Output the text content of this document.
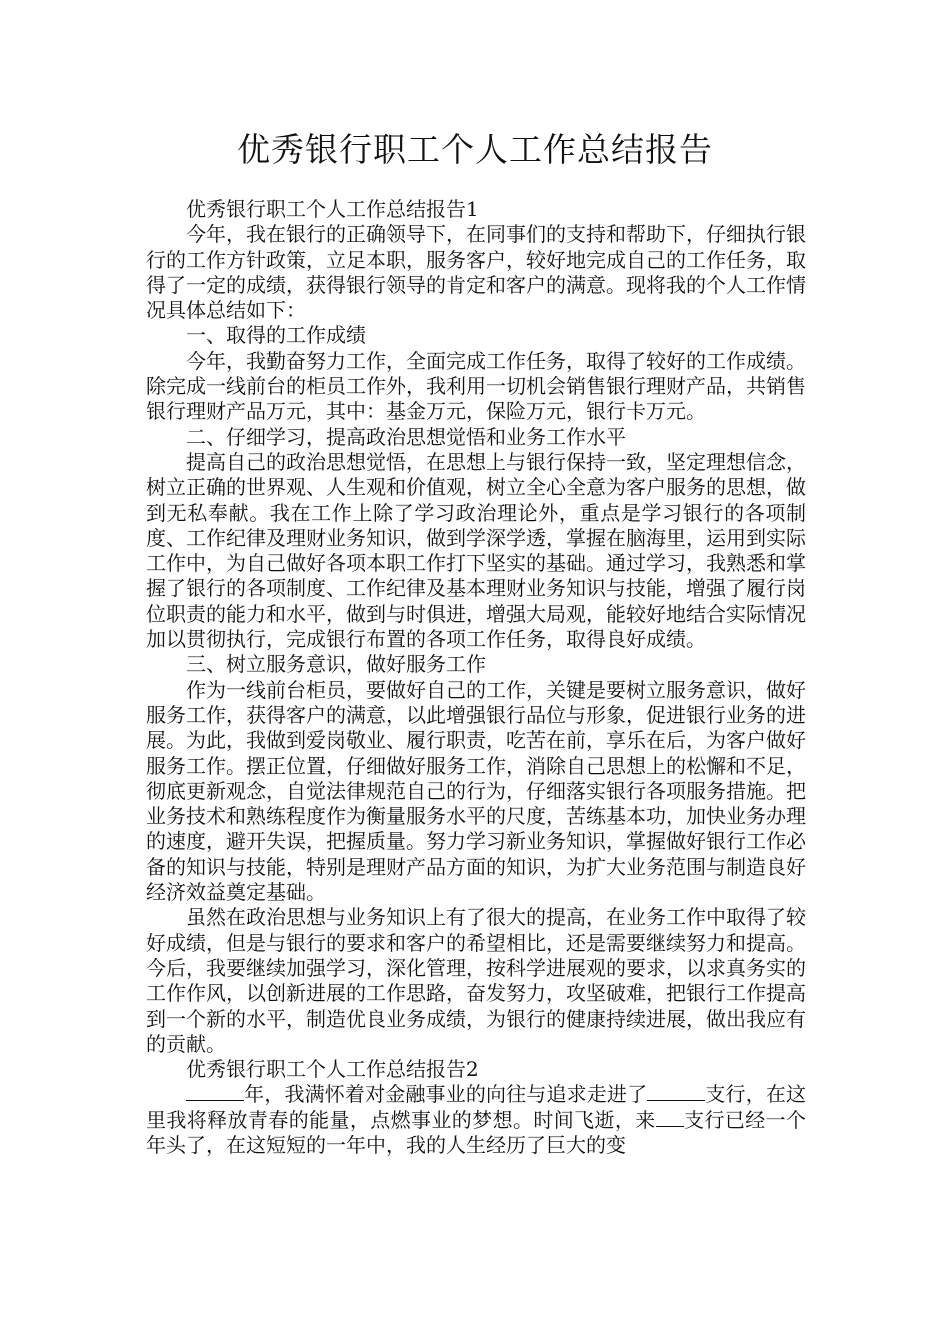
优秀银行职工个人工作总结报告

优秀银行职工个人工作总结报告1

今年，我在银行的正确领导下，在同事们的支持和帮助下，仔细执行银行的工作方针政策，立足本职，服务客户，较好地完成自己的工作任务，取得了一定的成绩，获得银行领导的肯定和客户的满意。现将我的个人工作情况具体总结如下：

一、取得的工作成绩

今年，我勤奋努力工作，全面完成工作任务，取得了较好的工作成绩。除完成一线前台的柜员工作外，我利用一切机会销售银行理财产品，共销售银行理财产品万元，其中：基金万元，保险万元，银行卡万元。

二、仔细学习，提高政治思想觉悟和业务工作水平

提高自己的政治思想觉悟，在思想上与银行保持一致，坚定理想信念，树立正确的世界观、人生观和价值观，树立全心全意为客户服务的思想，做到无私奉献。我在工作上除了学习政治理论外，重点是学习银行的各项制度、工作纪律及理财业务知识，做到学深学透，掌握在脑海里，运用到实际工作中，为自己做好各项本职工作打下坚实的基础。通过学习，我熟悉和掌握了银行的各项制度、工作纪律及基本理财业务知识与技能，增强了履行岗位职责的能力和水平，做到与时俱进，增强大局观，能较好地结合实际情况加以贯彻执行，完成银行布置的各项工作任务，取得良好成绩。

三、树立服务意识，做好服务工作

作为一线前台柜员，要做好自己的工作，关键是要树立服务意识，做好服务工作，获得客户的满意，以此增强银行品位与形象，促进银行业务的进展。为此，我做到爱岗敬业、履行职责，吃苦在前，享乐在后，为客户做好服务工作。摆正位置，仔细做好服务工作，消除自己思想上的松懈和不足，彻底更新观念，自觉法律规范自己的行为，仔细落实银行各项服务措施。把业务技术和熟练程度作为衡量服务水平的尺度，苦练基本功，加快业务办理的速度，避开失误，把握质量。努力学习新业务知识，掌握做好银行工作必备的知识与技能，特别是理财产品方面的知识，为扩大业务范围与制造良好经济效益奠定基础。

虽然在政治思想与业务知识上有了很大的提高，在业务工作中取得了较好成绩，但是与银行的要求和客户的希望相比，还是需要继续努力和提高。今后，我要继续加强学习，深化管理，按科学进展观的要求，以求真务实的工作作风，以创新进展的工作思路，奋发努力，攻坚破难，把银行工作提高到一个新的水平，制造优良业务成绩，为银行的健康持续进展，做出我应有的贡献。

优秀银行职工个人工作总结报告2

年，我满怀着对金融事业的向往与追求走进了	支行，在这里我将释放青春的能量，点燃事业的梦想。时间飞逝，来 支行已经一个年头了，在这短短的一年中，我的人生经历了巨大的变
